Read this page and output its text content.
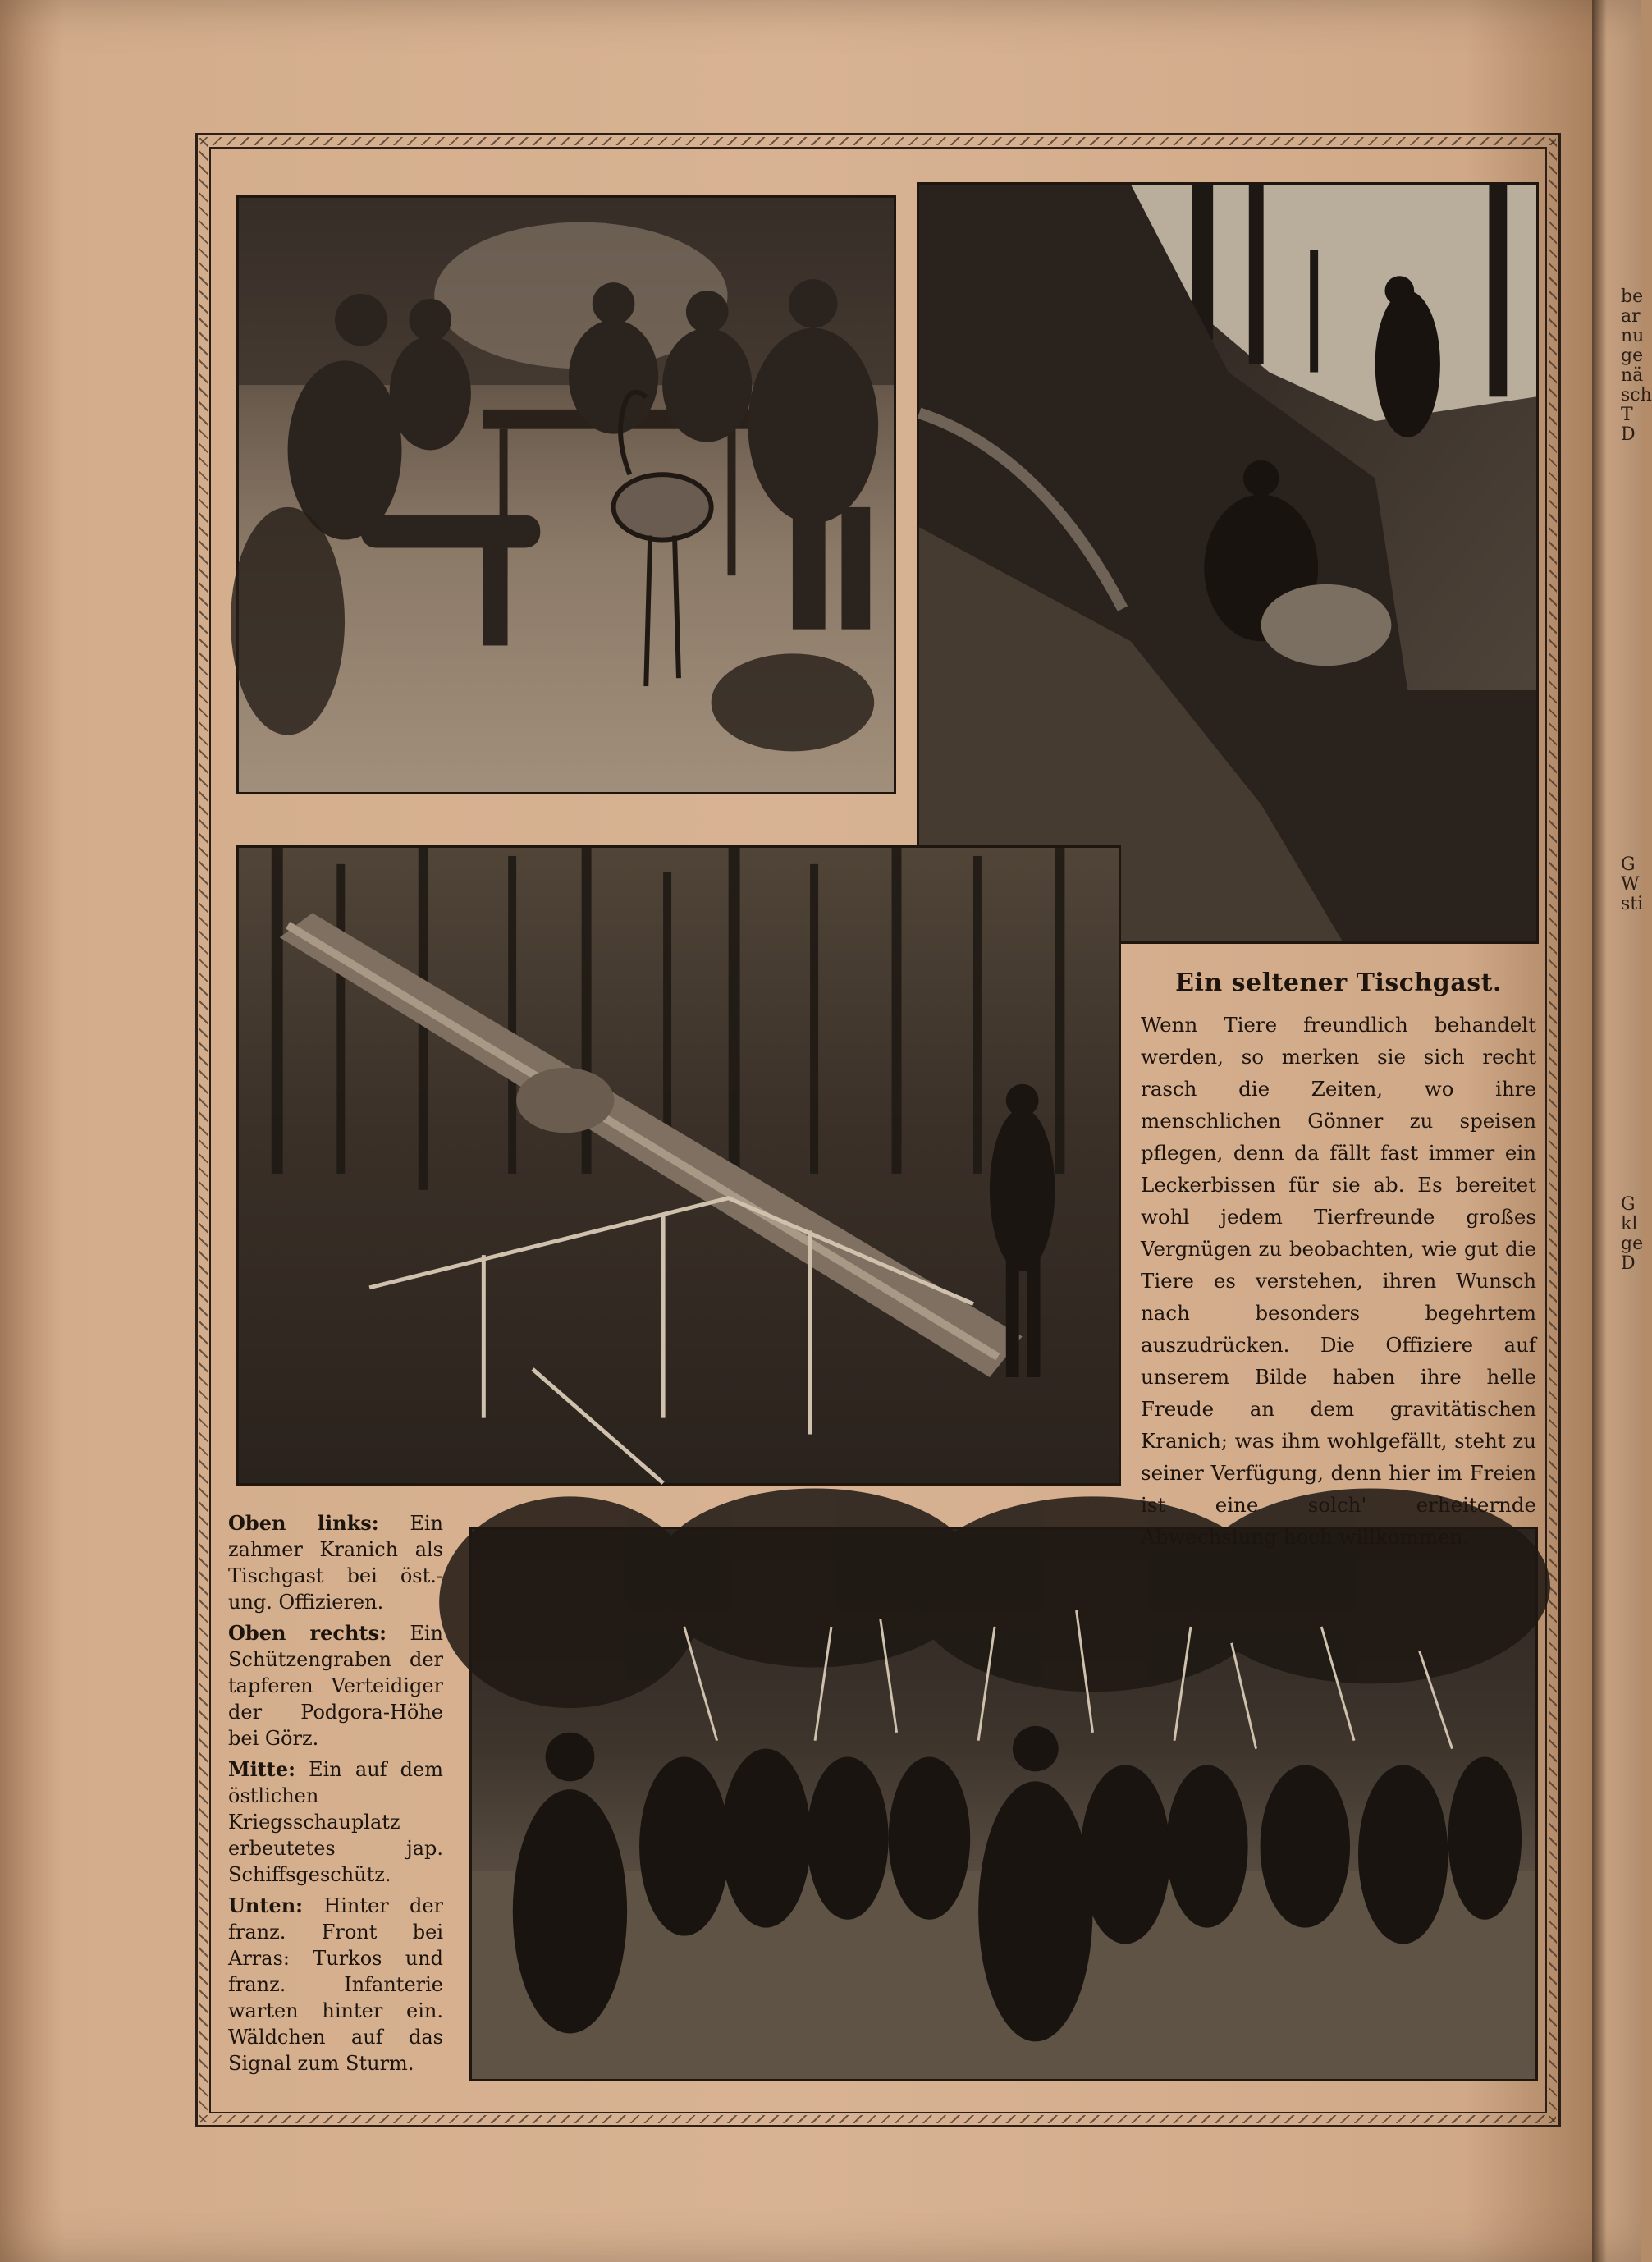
be
ar
nu
ge
nä
sch
T
D
G
W
sti
G
kl
ge
D
Ein seltener Tischgast.

Wenn Tiere freundlich behandelt werden, so merken sie sich recht rasch die Zeiten, wo ihre menschlichen Gönner zu speisen pflegen, denn da fällt fast immer ein Leckerbissen für sie ab. Es bereitet wohl jedem Tierfreunde großes Vergnügen zu beobachten, wie gut die Tiere es verstehen, ihren Wunsch nach besonders begehrtem auszudrücken. Die Offiziere auf unserem Bilde haben ihre helle Freude an dem gravitätischen Kranich; was ihm wohlgefällt, steht zu seiner Verfügung, denn hier im Freien ist eine solch' erheiternde Abwechslung hoch willkommen.

Oben links: Ein zahmer Kranich als Tischgast bei öst.-ung. Offizieren.

Oben rechts: Ein Schützengraben der tapferen Verteidiger der Podgora-Höhe bei Görz.

Mitte: Ein auf dem östlichen Kriegsschauplatz erbeutetes jap. Schiffsgeschütz.

Unten: Hinter der franz. Front bei Arras: Turkos und franz. Infanterie warten hinter ein. Wäldchen auf das Signal zum Sturm.
